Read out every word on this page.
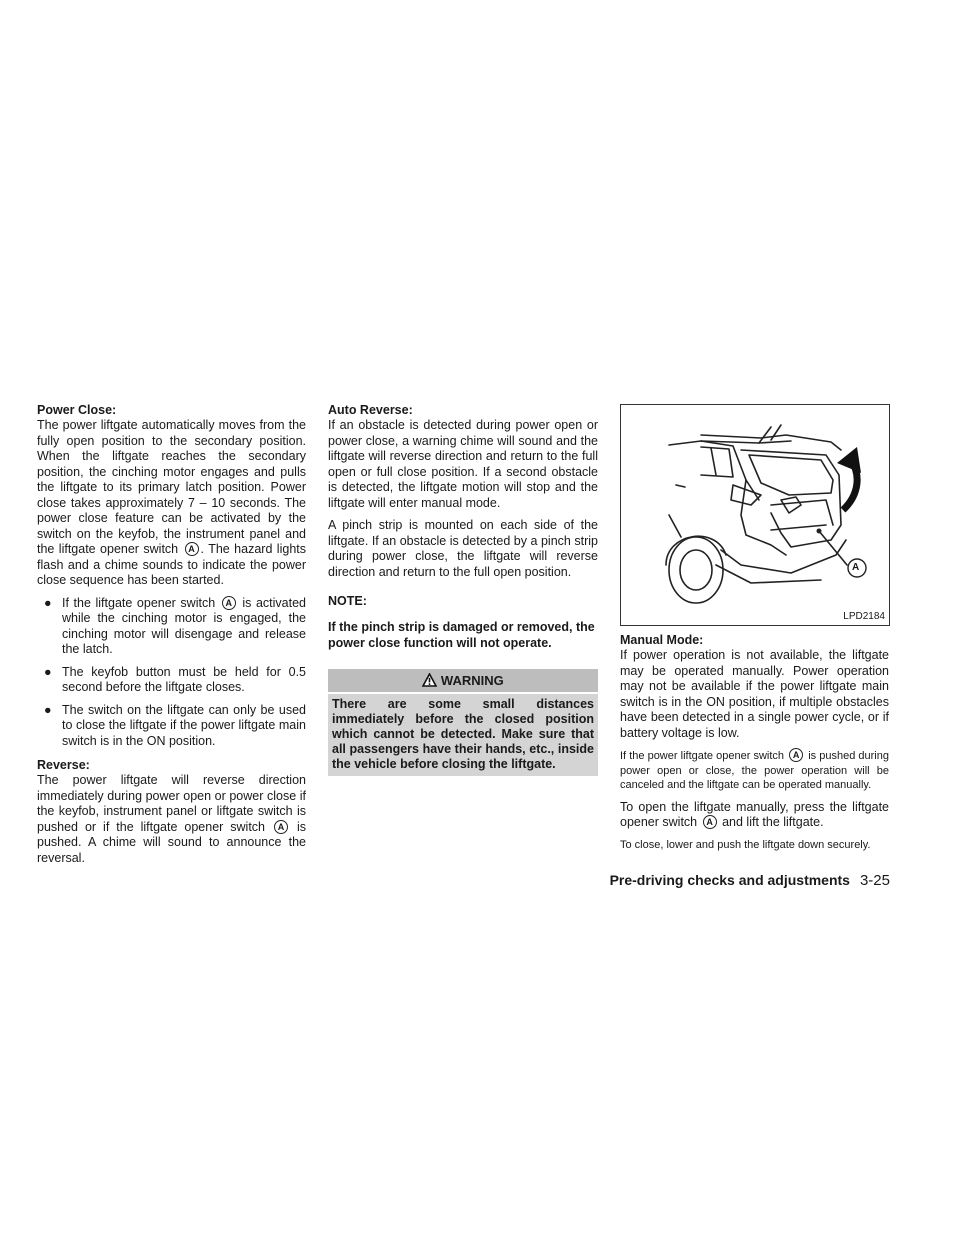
Power Close:

The power liftgate automatically moves from the fully open position to the secondary position. When the liftgate reaches the secondary position, the cinching motor engages and pulls the liftgate to its primary latch position. Power close takes approximately 7 – 10 seconds. The power close feature can be activated by the switch on the keyfob, the instrument panel and the liftgate opener switch A . The hazard lights flash and a chime sounds to indicate the power close sequence has been started.

● If the liftgate opener switch A is activated while the cinching motor is engaged, the cinching motor will disengage and release the latch.
● The keyfob button must be held for 0.5 second before the liftgate closes.
● The switch on the liftgate can only be used to close the liftgate if the power liftgate main switch is in the ON position.

Reverse:

The power liftgate will reverse direction immediately during power open or power close if the keyfob, instrument panel or liftgate switch is pushed or if the liftgate opener switch A is pushed. A chime will sound to announce the reversal.

Auto Reverse:

If an obstacle is detected during power open or power close, a warning chime will sound and the liftgate will reverse direction and return to the full open or full close position. If a second obstacle is detected, the liftgate motion will stop and the liftgate will enter manual mode.

A pinch strip is mounted on each side of the liftgate. If an obstacle is detected by a pinch strip during power close, the liftgate will reverse direction and return to the full open position.

NOTE:

If the pinch strip is damaged or removed, the power close function will not operate.

WARNING
There are some small distances immediately before the closed position which cannot be detected. Make sure that all passengers have their hands, etc., inside the vehicle before closing the liftgate.
A
LPD2184

Manual Mode:

If power operation is not available, the liftgate may be operated manually. Power operation may not be available if the power liftgate main switch is in the ON position, if multiple obstacles have been detected in a single power cycle, or if battery voltage is low.

If the power liftgate opener switch A is pushed during power open or close, the power operation will be canceled and the liftgate can be operated manually.

To open the liftgate manually, press the liftgate opener switch A and lift the liftgate.

To close, lower and push the liftgate down securely.

Pre-driving checks and adjustments 3-25
